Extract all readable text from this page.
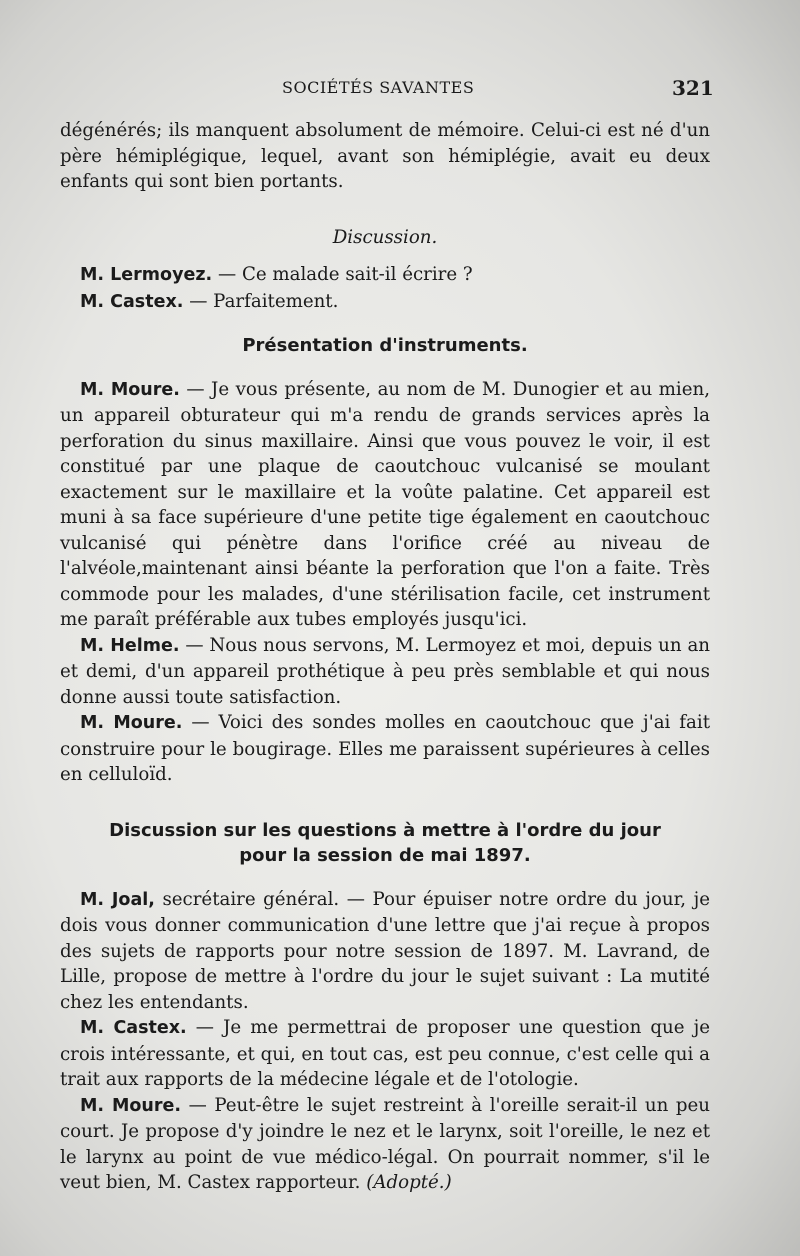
SOCIÉTÉS SAVANTES	321

dégénérés; ils manquent absolument de mémoire. Celui-ci est né d'un père hémiplégique, lequel, avant son hémiplégie, avait eu deux enfants qui sont bien portants.

Discussion.

M. Lermoyez. — Ce malade sait-il écrire ?

M. Castex. — Parfaitement.

Présentation d'instruments.

M. Moure. — Je vous présente, au nom de M. Dunogier et au mien, un appareil obturateur qui m'a rendu de grands services après la perforation du sinus maxillaire. Ainsi que vous pouvez le voir, il est constitué par une plaque de caoutchouc vulcanisé se moulant exactement sur le maxillaire et la voûte palatine. Cet appareil est muni à sa face supérieure d'une petite tige également en caoutchouc vulcanisé qui pénètre dans l'orifice créé au niveau de l'alvéole,maintenant ainsi béante la perforation que l'on a faite. Très commode pour les malades, d'une stérilisation facile, cet instrument me paraît préférable aux tubes employés jusqu'ici.

M. Helme. — Nous nous servons, M. Lermoyez et moi, depuis un an et demi, d'un appareil prothétique à peu près semblable et qui nous donne aussi toute satisfaction.

M. Moure. — Voici des sondes molles en caoutchouc que j'ai fait construire pour le bougirage. Elles me paraissent supérieures à celles en celluloïd.

Discussion sur les questions à mettre à l'ordre du jour

pour la session de mai 1897.

M. Joal, secrétaire général. — Pour épuiser notre ordre du jour, je dois vous donner communication d'une lettre que j'ai reçue à propos des sujets de rapports pour notre session de 1897. M. Lavrand, de Lille, propose de mettre à l'ordre du jour le sujet suivant : La mutité chez les entendants.

M. Castex. — Je me permettrai de proposer une question que je crois intéressante, et qui, en tout cas, est peu connue, c'est celle qui a trait aux rapports de la médecine légale et de l'otologie.

M. Moure. — Peut-être le sujet restreint à l'oreille serait-il un peu court. Je propose d'y joindre le nez et le larynx, soit l'oreille, le nez et le larynx au point de vue médico-légal. On pourrait nommer, s'il le veut bien, M. Castex rapporteur. (Adopté.)
